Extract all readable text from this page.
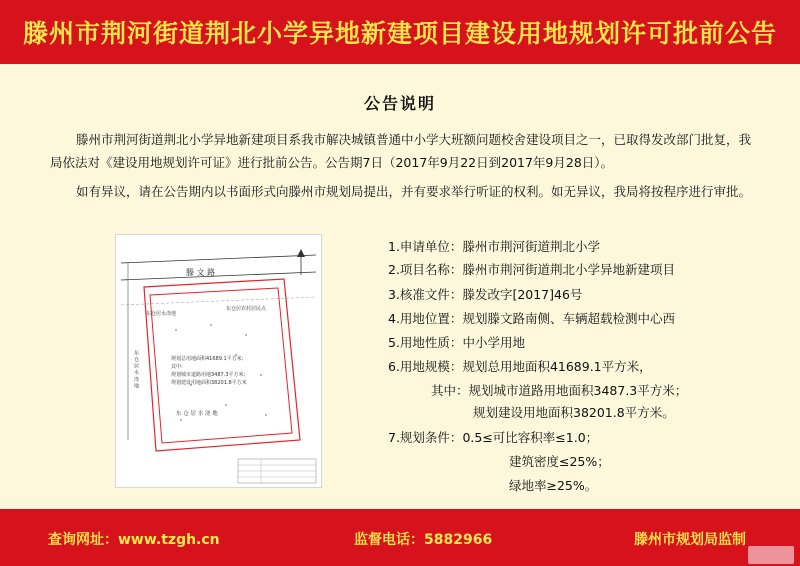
滕州市荆河街道荆北小学异地新建项目建设用地规划许可批前公告
公告说明

滕州市荆河街道荆北小学异地新建项目系我市解决城镇普通中小学大班额问题校舍建设项目之一，已取得发改部门批复，我局依法对《建设用地规划许可证》进行批前公告。公告期7日（2017年9月22日到2017年9月28日）。

如有异议，请在公告期内以书面形式向滕州市规划局提出，并有要求举行听证的权利。如无异议，我局将按程序进行审批。

滕 文 路
东仓居水浇地
东仓居农村居民点
东 仓 居 水 浇 地	规划总用地面积41689.1平方米;
其中:
规划城市道路用地3487.3平方米;
规划建设用地面积38201.8平方米
东 仓 居 水 浇 地
1.申请单位：滕州市荆河街道荆北小学
2.项目名称：滕州市荆河街道荆北小学异地新建项目
3.核准文件：滕发改字[2017]46号
4.用地位置：规划滕文路南侧、车辆超载检测中心西
5.用地性质：中小学用地
6.用地规模：规划总用地面积41689.1平方米，
其中：规划城市道路用地面积3487.3平方米；
规划建设用地面积38201.8平方米。
7.规划条件：0.5≤可比容积率≤1.0；
建筑密度≤25%；
绿地率≥25%。
查询网址：www.tzgh.cn	监督电话：5882966	滕州市规划局监制
